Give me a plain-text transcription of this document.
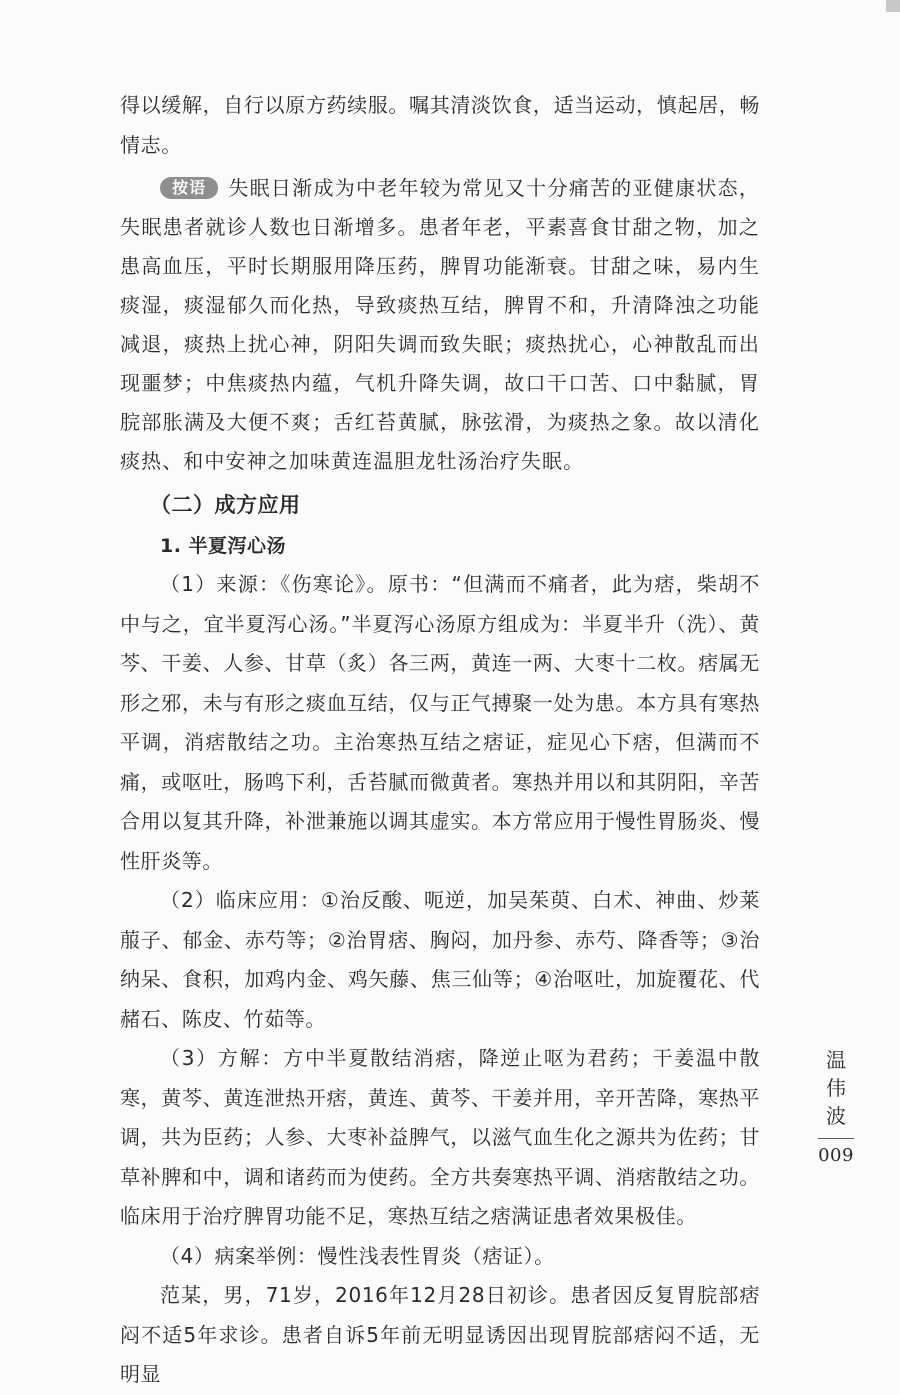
得以缓解，自行以原方药续服。嘱其清淡饮食，适当运动，慎起居，畅情志。

按语 失眠日渐成为中老年较为常见又十分痛苦的亚健康状态，失眠患者就诊人数也日渐增多。患者年老，平素喜食甘甜之物，加之患高血压，平时长期服用降压药，脾胃功能渐衰。甘甜之味，易内生痰湿，痰湿郁久而化热，导致痰热互结，脾胃不和，升清降浊之功能减退，痰热上扰心神，阴阳失调而致失眠；痰热扰心，心神散乱而出现噩梦；中焦痰热内蕴，气机升降失调，故口干口苦、口中黏腻，胃脘部胀满及大便不爽；舌红苔黄腻，脉弦滑，为痰热之象。故以清化痰热、和中安神之加味黄连温胆龙牡汤治疗失眠。

（二）成方应用
1. 半夏泻心汤

（1）来源：《伤寒论》。原书：“但满而不痛者，此为痞，柴胡不中与之，宜半夏泻心汤。”半夏泻心汤原方组成为：半夏半升（洗）、黄芩、干姜、人参、甘草（炙）各三两，黄连一两、大枣十二枚。痞属无形之邪，未与有形之痰血互结，仅与正气搏聚一处为患。本方具有寒热平调，消痞散结之功。主治寒热互结之痞证，症见心下痞，但满而不痛，或呕吐，肠鸣下利，舌苔腻而微黄者。寒热并用以和其阴阳，辛苦合用以复其升降，补泄兼施以调其虚实。本方常应用于慢性胃肠炎、慢性肝炎等。

（2）临床应用：①治反酸、呃逆，加吴茱萸、白术、神曲、炒莱菔子、郁金、赤芍等；②治胃痞、胸闷，加丹参、赤芍、降香等；③治纳呆、食积，加鸡内金、鸡矢藤、焦三仙等；④治呕吐，加旋覆花、代赭石、陈皮、竹茹等。

（3）方解：方中半夏散结消痞，降逆止呕为君药；干姜温中散寒，黄芩、黄连泄热开痞，黄连、黄芩、干姜并用，辛开苦降，寒热平调，共为臣药；人参、大枣补益脾气，以滋气血生化之源共为佐药；甘草补脾和中，调和诸药而为使药。全方共奏寒热平调、消痞散结之功。临床用于治疗脾胃功能不足，寒热互结之痞满证患者效果极佳。

（4）病案举例：慢性浅表性胃炎（痞证）。

范某，男，71岁，2016年12月28日初诊。患者因反复胃脘部痞闷不适5年求诊。患者自诉5年前无明显诱因出现胃脘部痞闷不适，无明显

温
伟
波
009
